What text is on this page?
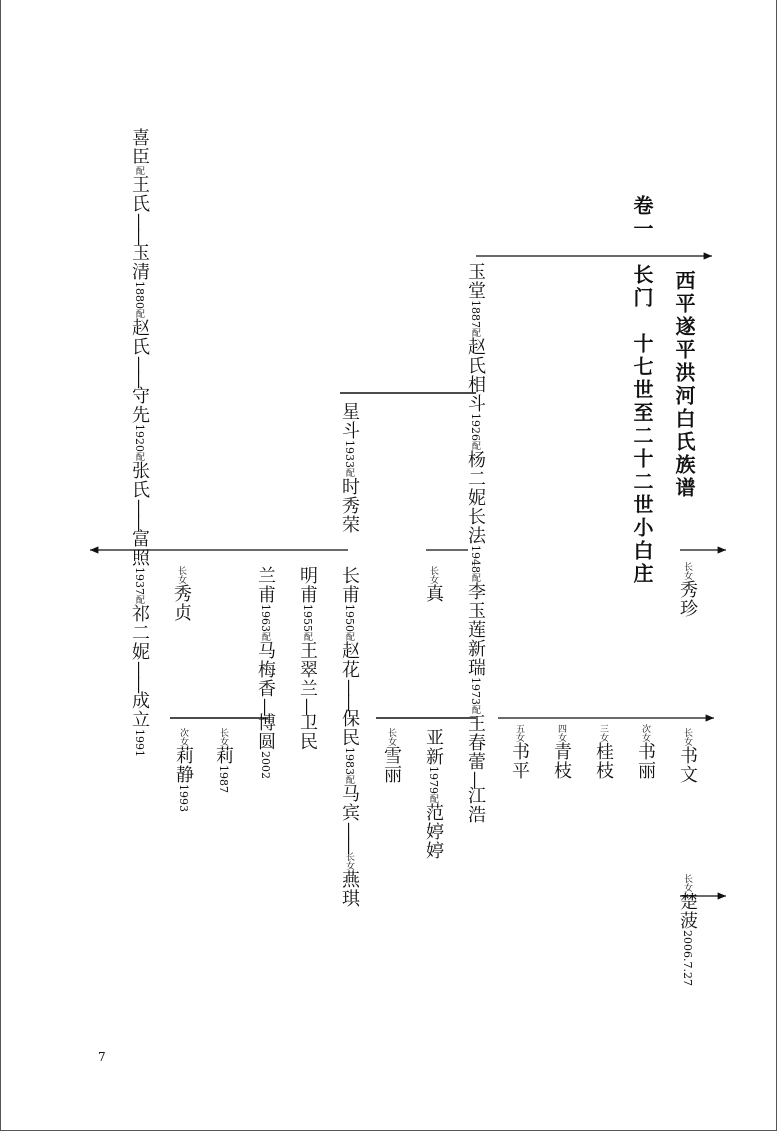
西平遂平洪河白氏族谱
卷一　长门　十七世至二十二世小白庄
喜臣配王氏——玉清1880配赵氏——守先1920配张氏——富照1937配祁二妮——成立1991
长女秀贞
次女莉静1993
长女莉1987
兰甫1963配马梅香—博圆2002
明甫1955配王翠兰—卫民
星斗1933配时秀荣
长甫1950配赵花——保民1983配马宾——长女燕琪
长女雪丽
长女真
亚新1979配范婷婷
玉堂1887配赵氏相斗1926配杨二妮长法1948配李玉莲新瑞1973配王春蕾—江浩
五女书平
四女青枝
三女桂枝
次女书丽
长女书文
长女秀珍
长女楚菠2006.7.27
7
